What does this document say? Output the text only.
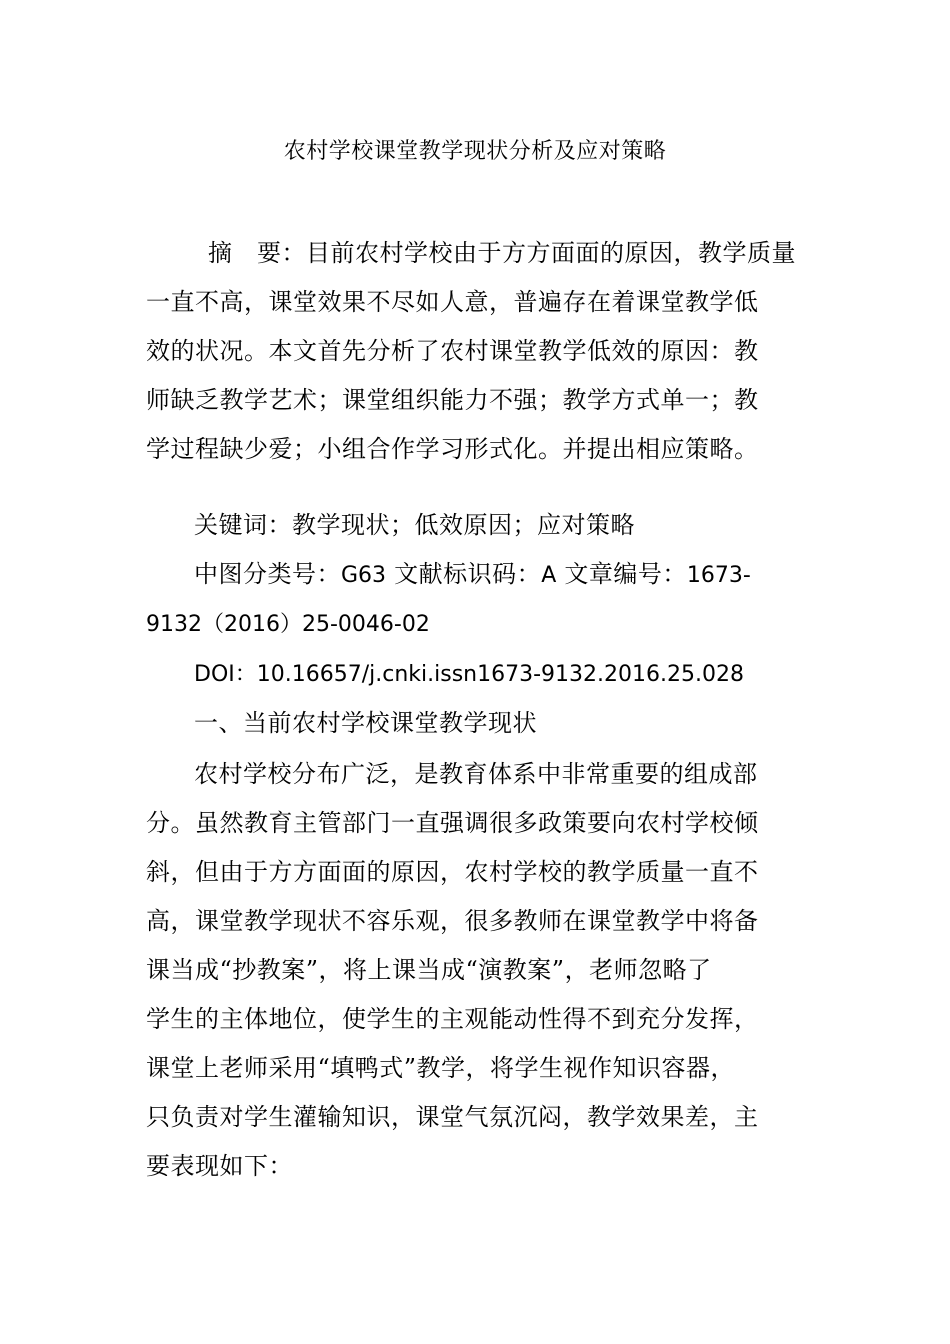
农村学校课堂教学现状分析及应对策略
摘　要：目前农村学校由于方方面面的原因，教学质量
一直不高，课堂效果不尽如人意，普遍存在着课堂教学低
效的状况。本文首先分析了农村课堂教学低效的原因：教
师缺乏教学艺术；课堂组织能力不强；教学方式单一；教
学过程缺少爱；小组合作学习形式化。并提出相应策略。
关键词：教学现状；低效原因；应对策略
中图分类号：G63 文献标识码：A 文章编号：1673-
9132（2016）25-0046-02
DOI：10.16657/j.cnki.issn1673-9132.2016.25.028
一、当前农村学校课堂教学现状
农村学校分布广泛，是教育体系中非常重要的组成部
分。虽然教育主管部门一直强调很多政策要向农村学校倾
斜，但由于方方面面的原因，农村学校的教学质量一直不
高，课堂教学现状不容乐观，很多教师在课堂教学中将备
课当成“抄教案”，将上课当成“演教案”，老师忽略了
学生的主体地位，使学生的主观能动性得不到充分发挥，
课堂上老师采用“填鸭式”教学，将学生视作知识容器，
只负责对学生灌输知识，课堂气氛沉闷，教学效果差，主
要表现如下：
